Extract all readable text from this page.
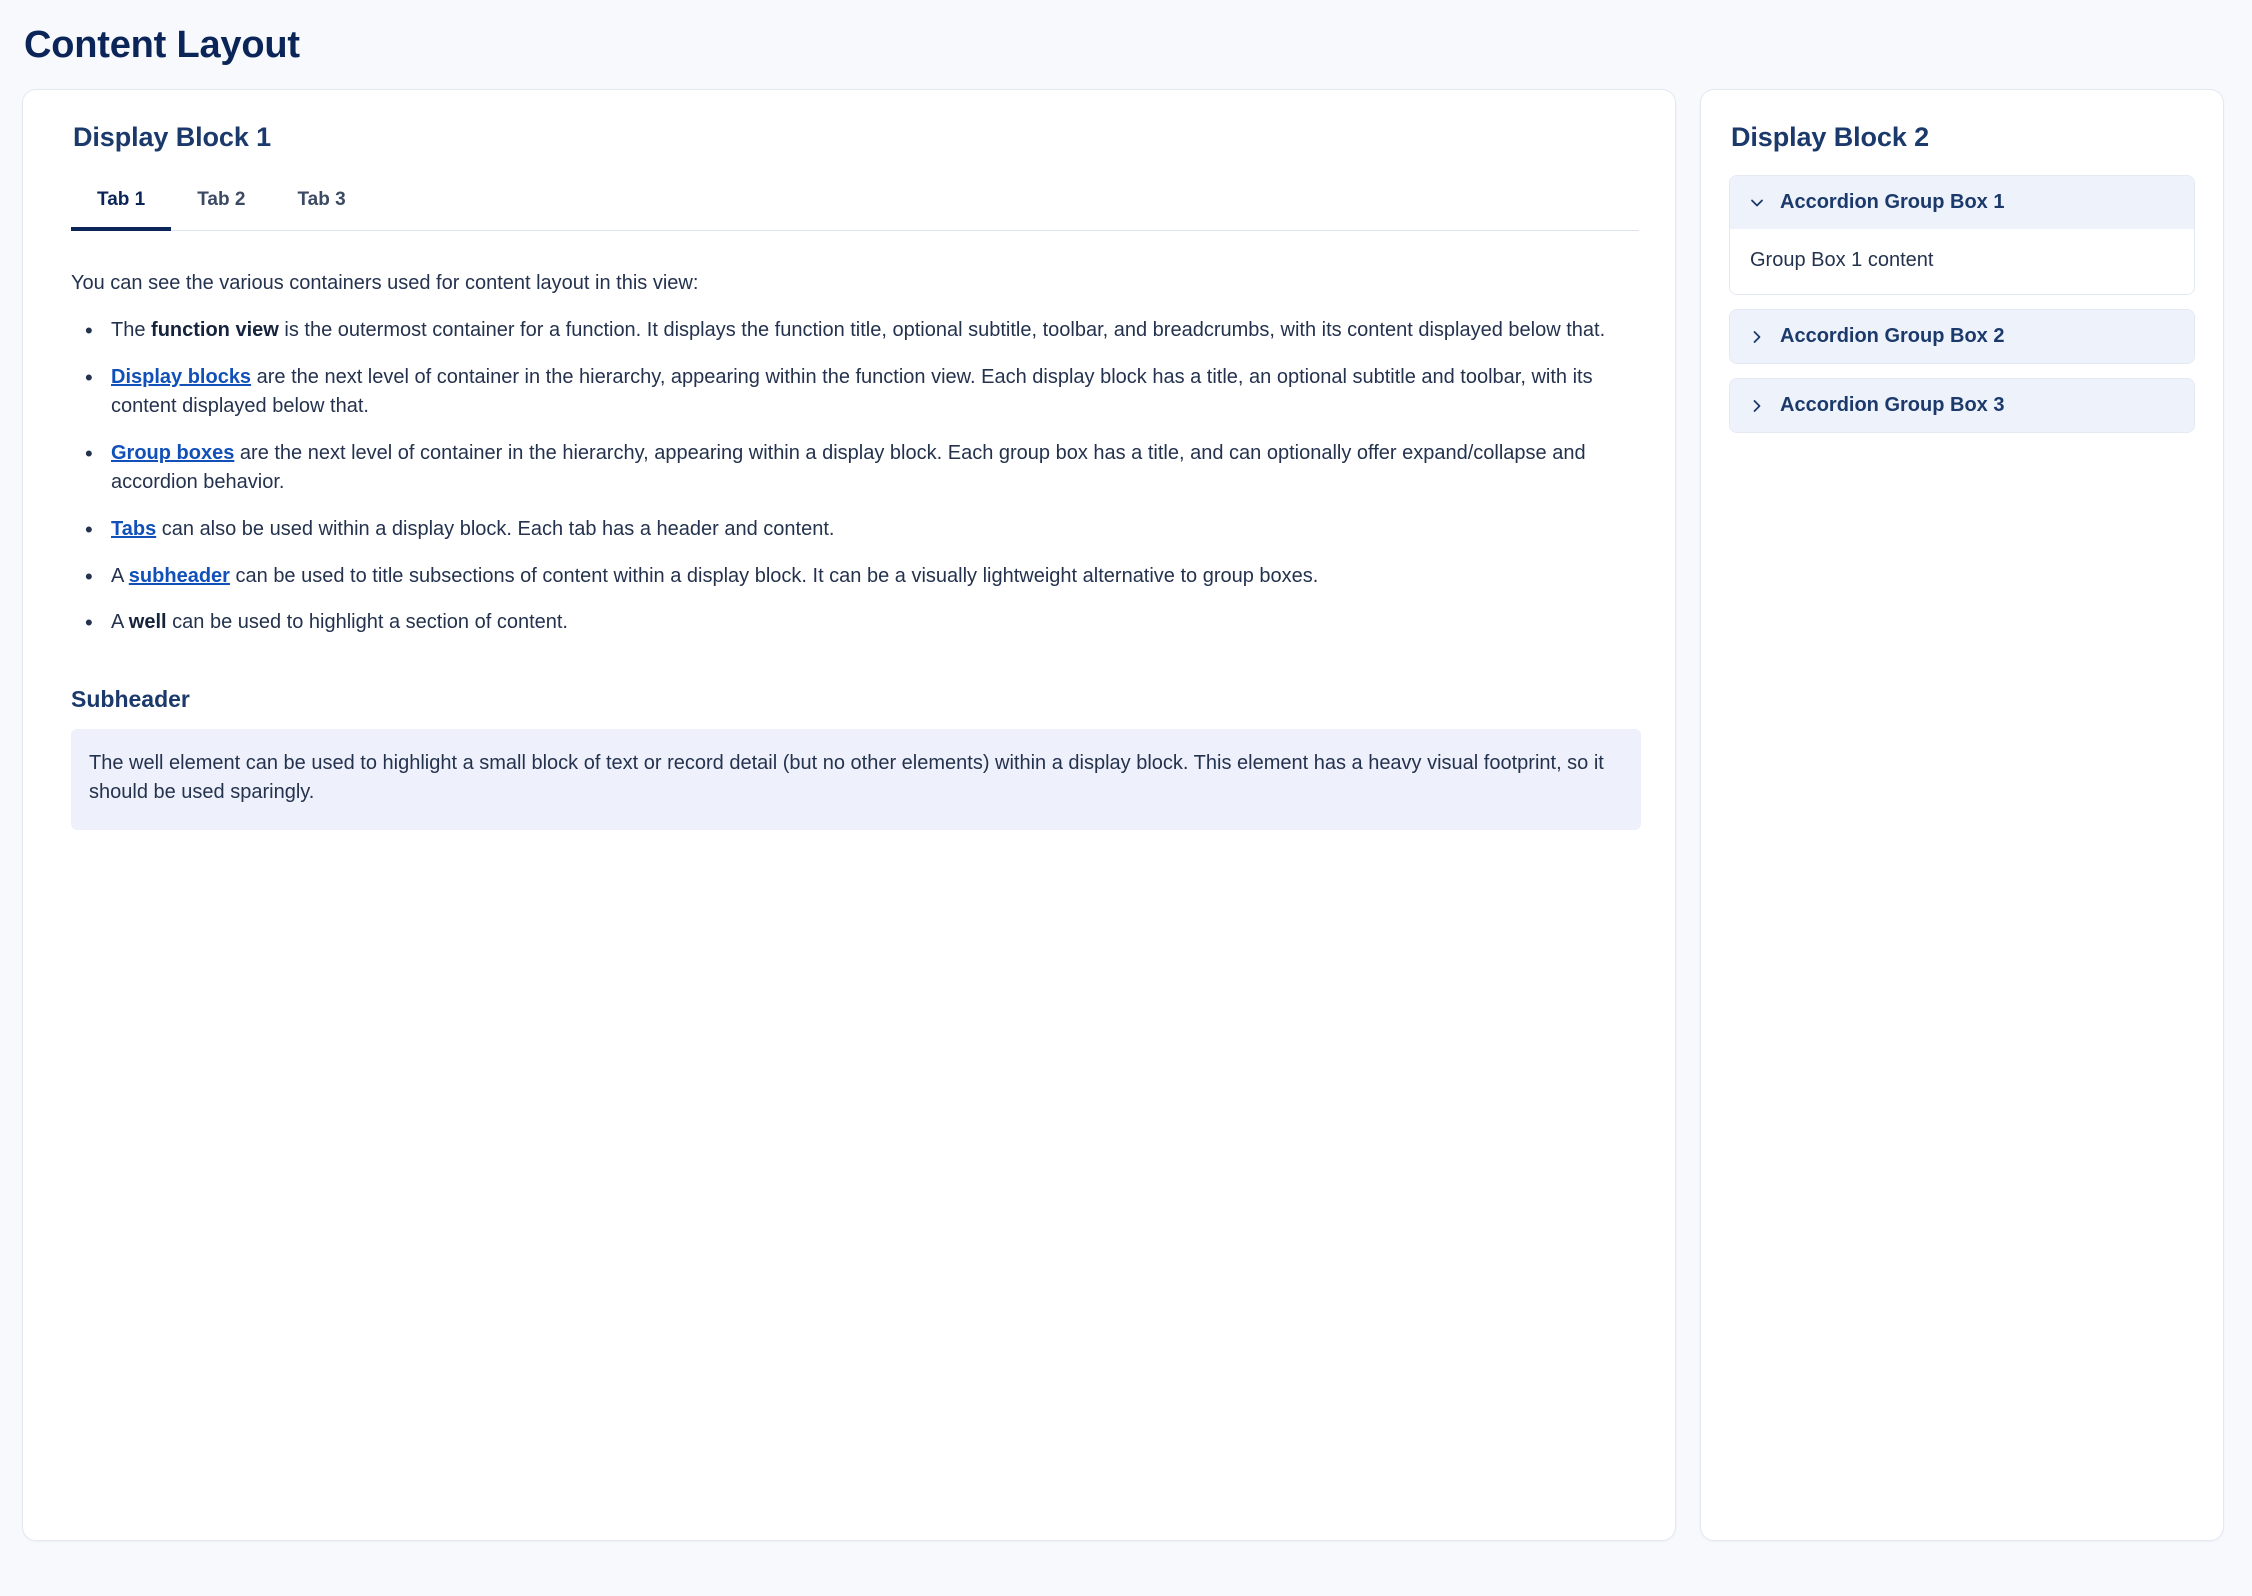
Content Layout
Display Block 1
Tab 1	Tab 2	Tab 3

You can see the various containers used for content layout in this view:

• The function view is the outermost container for a function. It displays the function title, optional subtitle, toolbar, and breadcrumbs, with its content displayed below that.
• Display blocks are the next level of container in the hierarchy, appearing within the function view. Each display block has a title, an optional subtitle and toolbar, with its content displayed below that.
• Group boxes are the next level of container in the hierarchy, appearing within a display block. Each group box has a title, and can optionally offer expand/collapse and accordion behavior.
• Tabs can also be used within a display block. Each tab has a header and content.
• A subheader can be used to title subsections of content within a display block. It can be a visually lightweight alternative to group boxes.
• A well can be used to highlight a section of content.
Subheader
The well element can be used to highlight a small block of text or record detail (but no other elements) within a display block. This element has a heavy visual footprint, so it should be used sparingly.
Display Block 2
Accordion Group Box 1
Group Box 1 content
Accordion Group Box 2
Accordion Group Box 3
